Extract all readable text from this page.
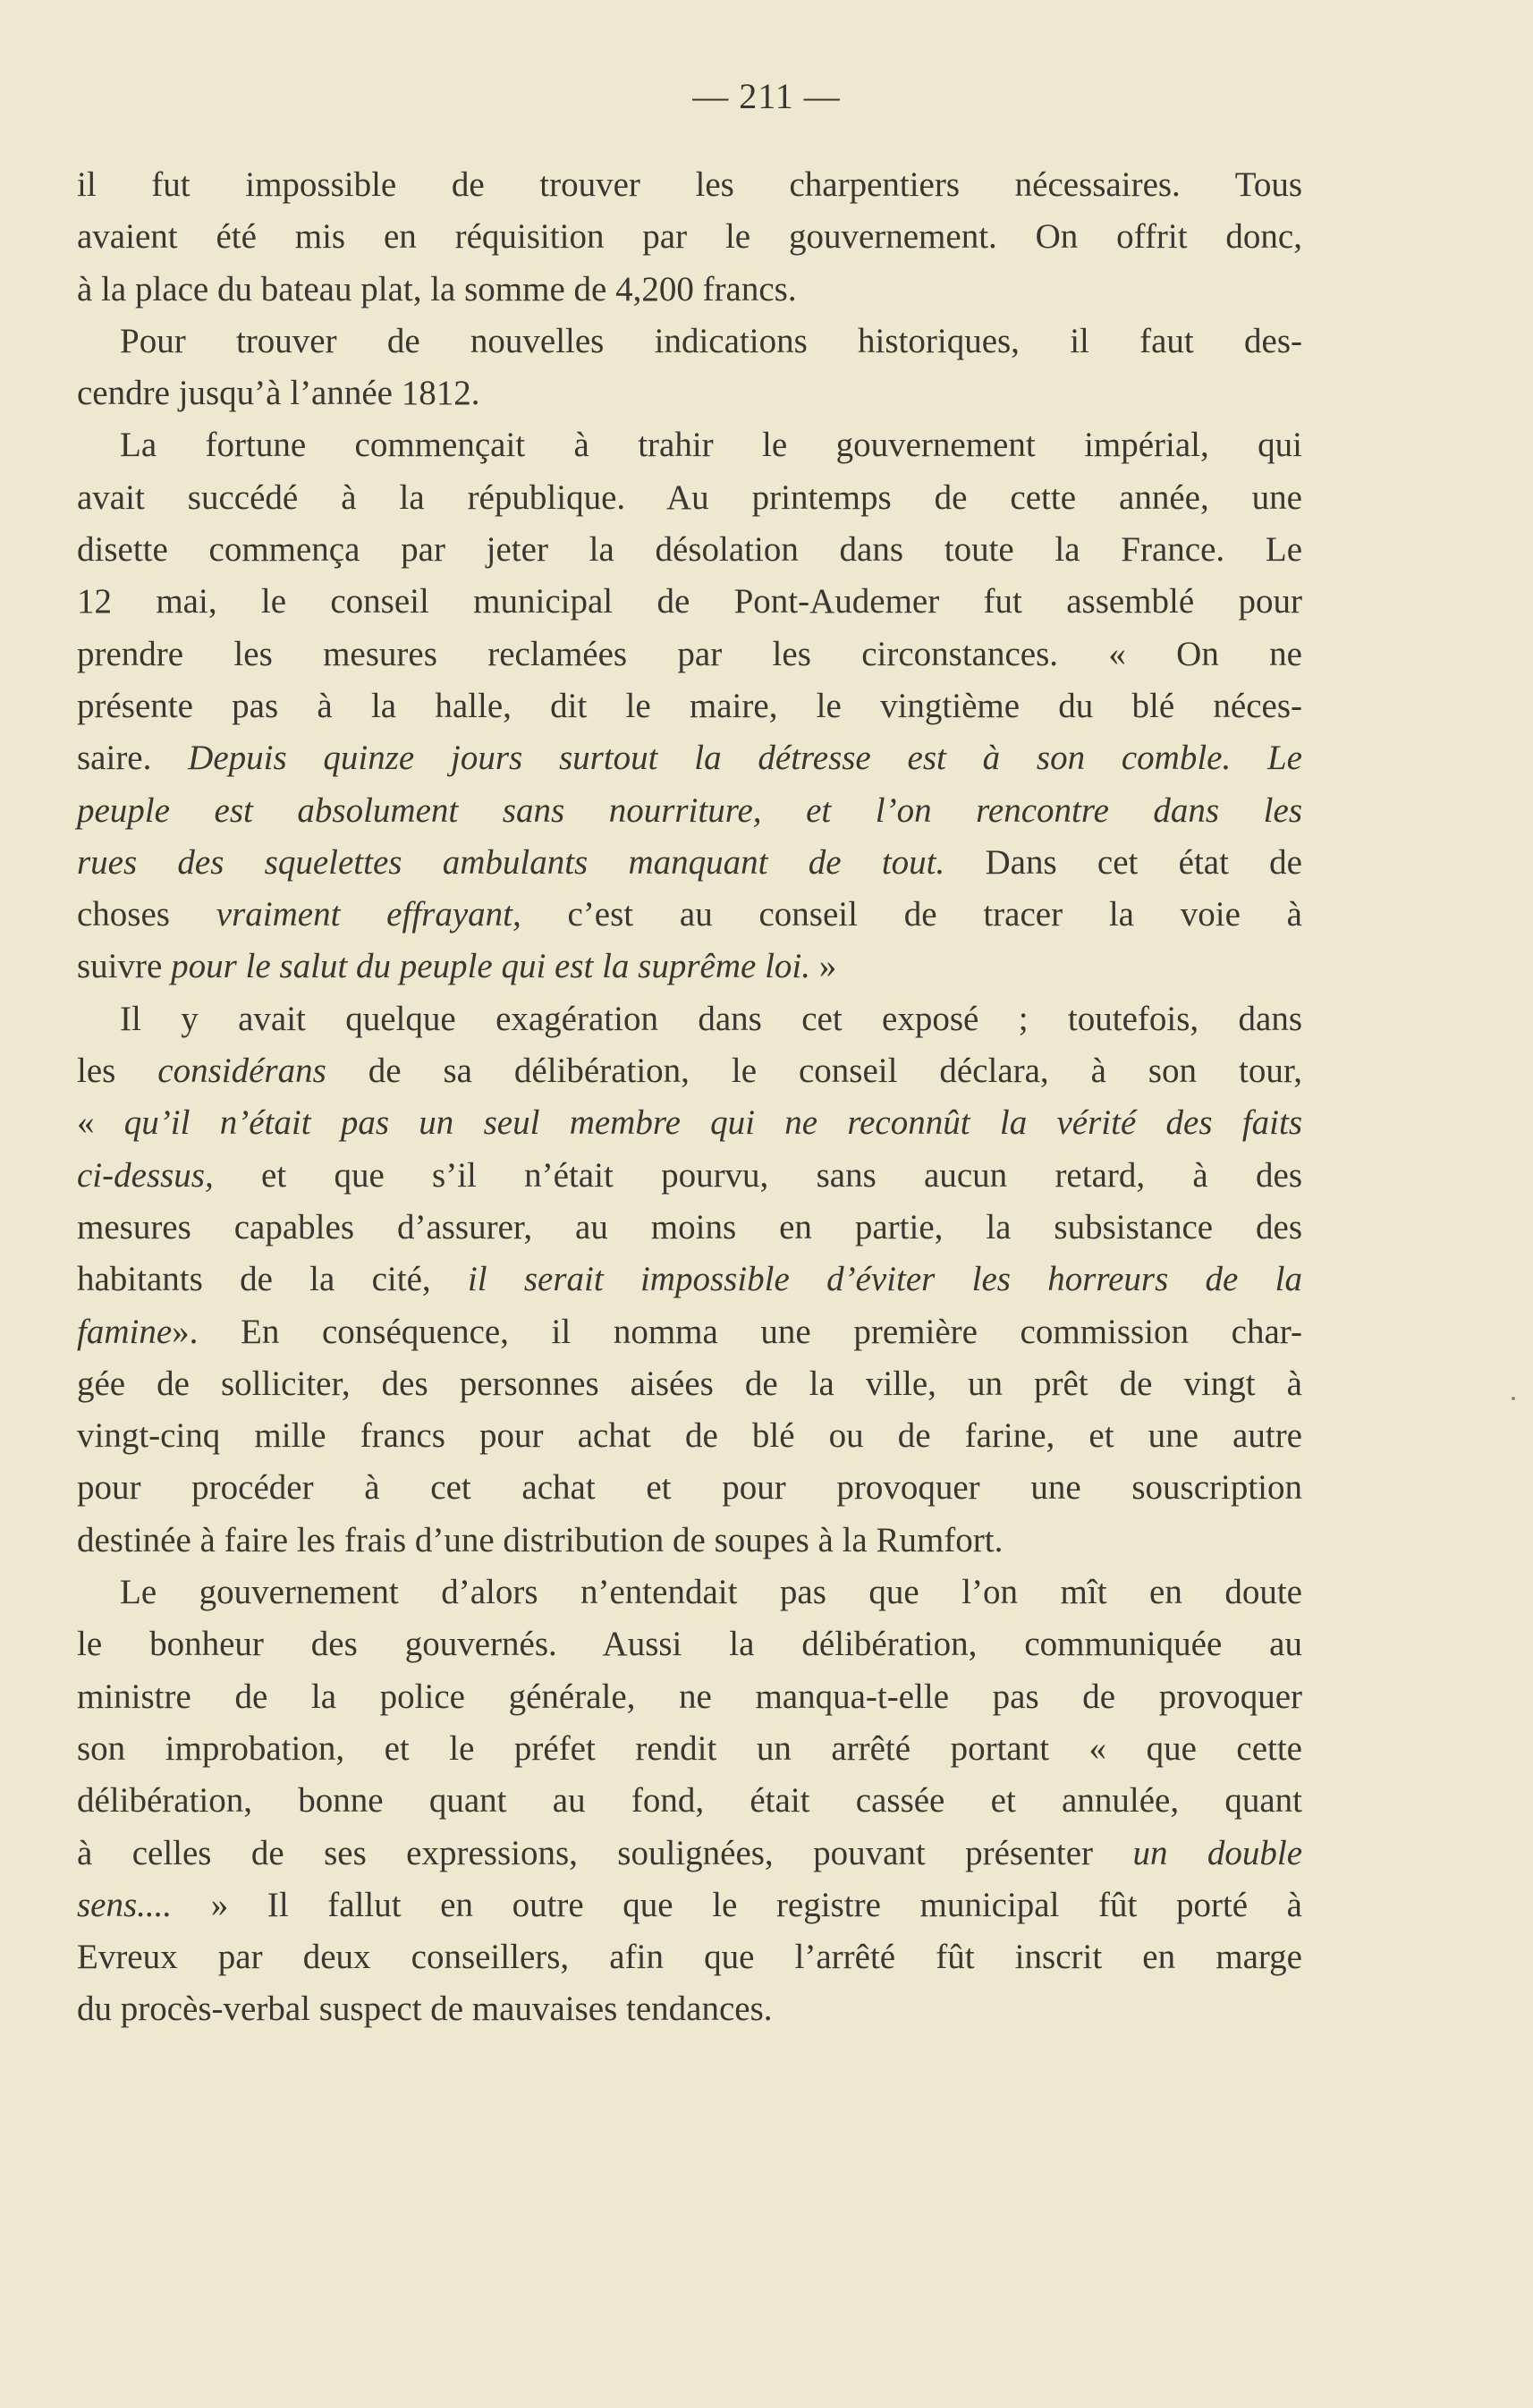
— 211 —
il fut impossible de trouver les charpentiers nécessaires. Tous
avaient été mis en réquisition par le gouvernement. On offrit donc,
à la place du bateau plat, la somme de 4,200 francs.
Pour trouver de nouvelles indications historiques, il faut des-
cendre jusqu’à l’année 1812.
La fortune commençait à trahir le gouvernement impérial, qui
avait succédé à la république. Au printemps de cette année, une
disette commença par jeter la désolation dans toute la France. Le
12 mai, le conseil municipal de Pont-Audemer fut assemblé pour
prendre les mesures reclamées par les circonstances. « On ne
présente pas à la halle, dit le maire, le vingtième du blé néces-
saire. Depuis quinze jours surtout la détresse est à son comble. Le
peuple est absolument sans nourriture, et l’on rencontre dans les
rues des squelettes ambulants manquant de tout. Dans cet état de
choses vraiment effrayant, c’est au conseil de tracer la voie à
suivre pour le salut du peuple qui est la suprême loi. »
Il y avait quelque exagération dans cet exposé ; toutefois, dans
les considérans de sa délibération, le conseil déclara, à son tour,
« qu’il n’était pas un seul membre qui ne reconnût la vérité des faits
ci-dessus, et que s’il n’était pourvu, sans aucun retard, à des
mesures capables d’assurer, au moins en partie, la subsistance des
habitants de la cité, il serait impossible d’éviter les horreurs de la
famine». En conséquence, il nomma une première commission char-
gée de solliciter, des personnes aisées de la ville, un prêt de vingt à
vingt-cinq mille francs pour achat de blé ou de farine, et une autre
pour procéder à cet achat et pour provoquer une souscription
destinée à faire les frais d’une distribution de soupes à la Rumfort.
Le gouvernement d’alors n’entendait pas que l’on mît en doute
le bonheur des gouvernés. Aussi la délibération, communiquée au
ministre de la police générale, ne manqua-t-elle pas de provoquer
son improbation, et le préfet rendit un arrêté portant « que cette
délibération, bonne quant au fond, était cassée et annulée, quant
à celles de ses expressions, soulignées, pouvant présenter un double
sens.... » Il fallut en outre que le registre municipal fût porté à
Evreux par deux conseillers, afin que l’arrêté fût inscrit en marge
du procès-verbal suspect de mauvaises tendances.
